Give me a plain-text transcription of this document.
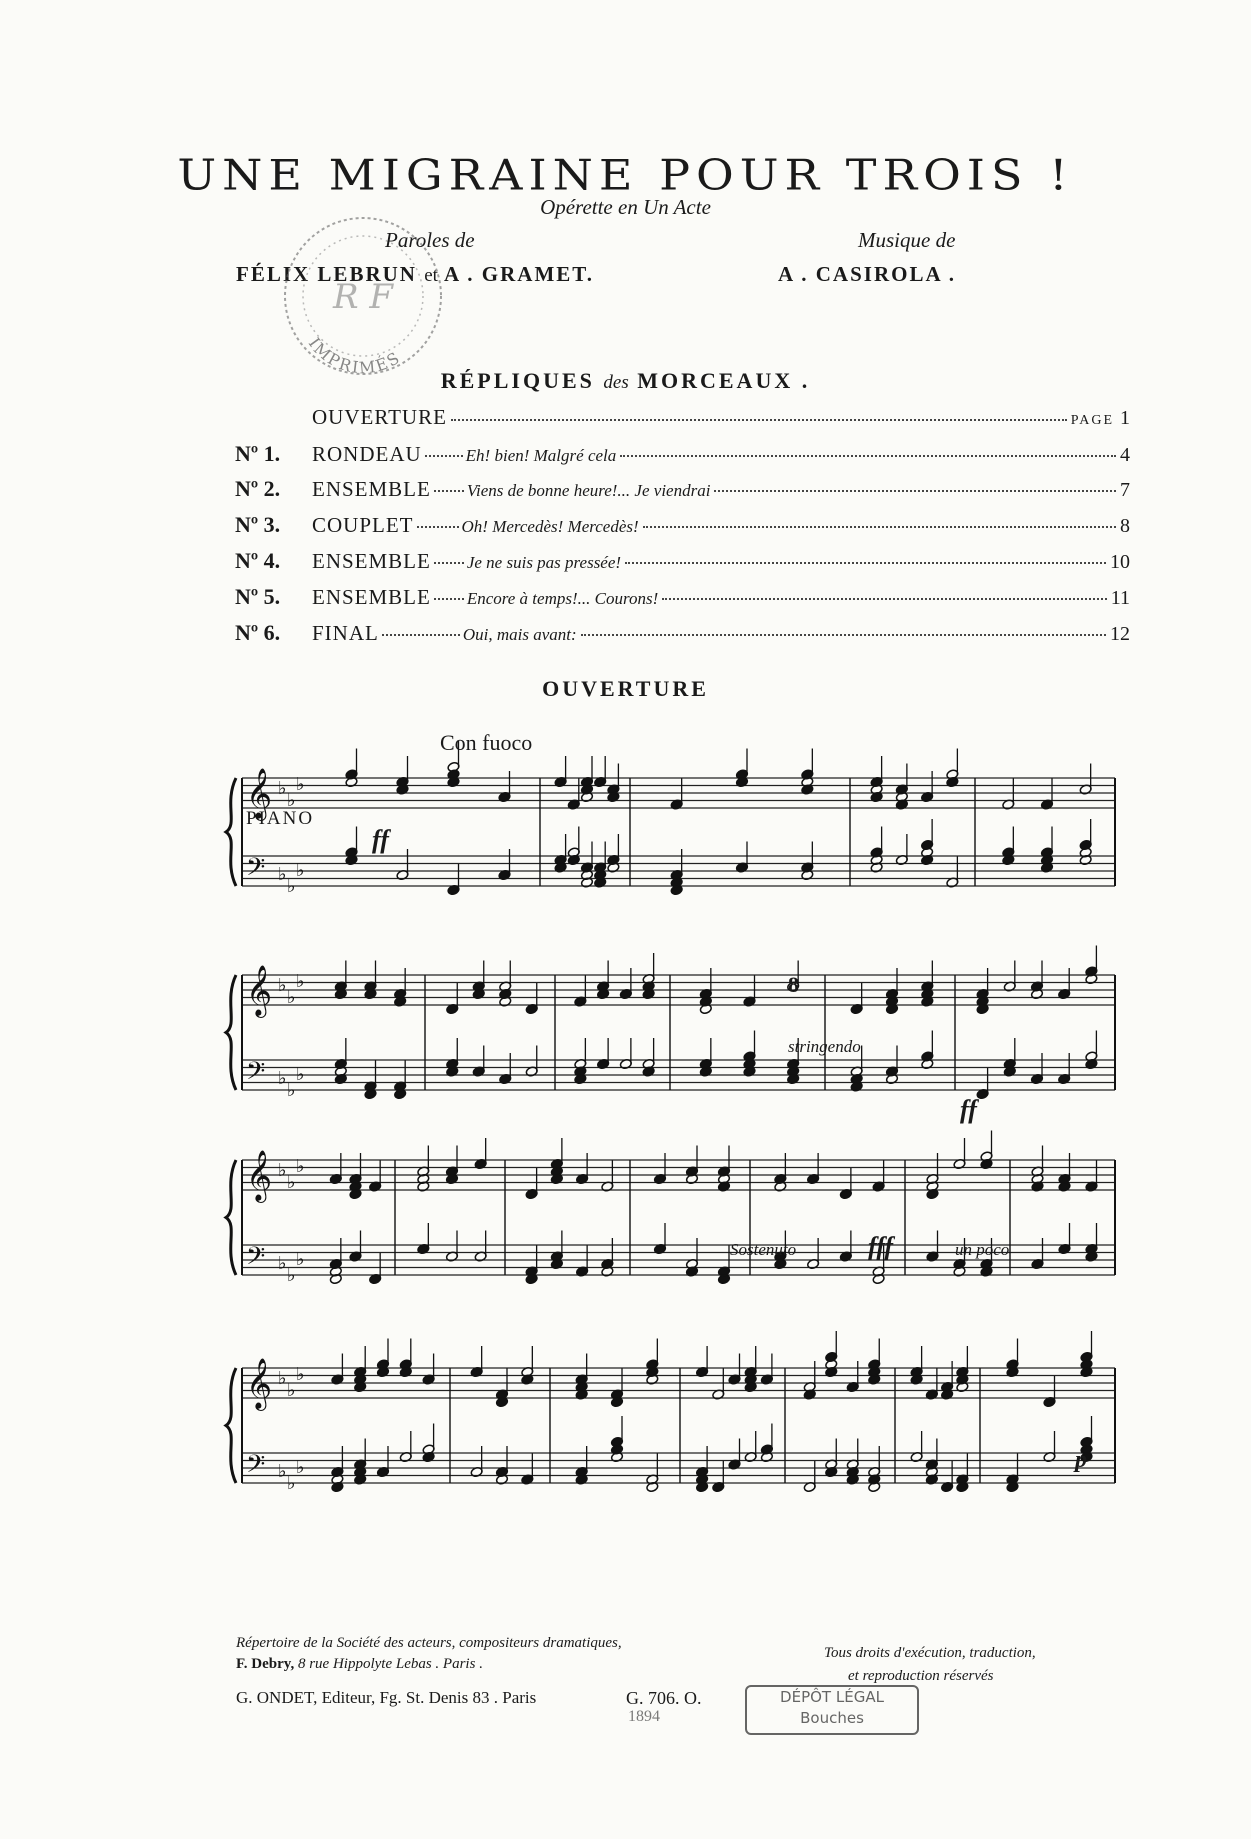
UNE MIGRAINE POUR TROIS !
Opérette en Un Acte
Paroles de	Musique de
FÉLIX LEBRUN et A . GRAMET.	A . CASIROLA .
R F
IMPRIMÉS
RÉPLIQUES des MORCEAUX .
OUVERTURE	PAGE 1
Nº 1.	RONDEAU	Eh! bien! Malgré cela	4
Nº 2.	ENSEMBLE Viens de bonne heure!... Je viendrai	7
Nº 3.	COUPLET	Oh! Mercedès! Mercedès!	8
Nº 4.	ENSEMBLE Je ne suis pas pressée!	10
Nº 5.	ENSEMBLE Encore à temps!... Courons!	11
Nº 6.	FINAL	Oui, mais avant:	12
OUVERTURE
Con fuoco
PIANO
𝄞 ♭
♭
♭
𝄢 ♭
♭
♭
𝄞 ♭
♭
♭
𝄢 ♭
♭
♭
𝄞 ♭
♭
♭
𝄢 ♭
♭
♭
𝄞 ♭
♭
♭
𝄢 ♭
♭
♭
ff
8
stringendo
ff
Sostenuto	fff	un poco
p
Répertoire de la Société des acteurs, compositeurs dramatiques,
F. Debry, 8 rue Hippolyte Lebas . Paris .
Tous droits d'exécution, traduction,
et reproduction réservés
G. ONDET, Editeur, Fg. St. Denis 83 . Paris	G. 706. O.
1894
DÉPÔT LÉGAL
Bouches
